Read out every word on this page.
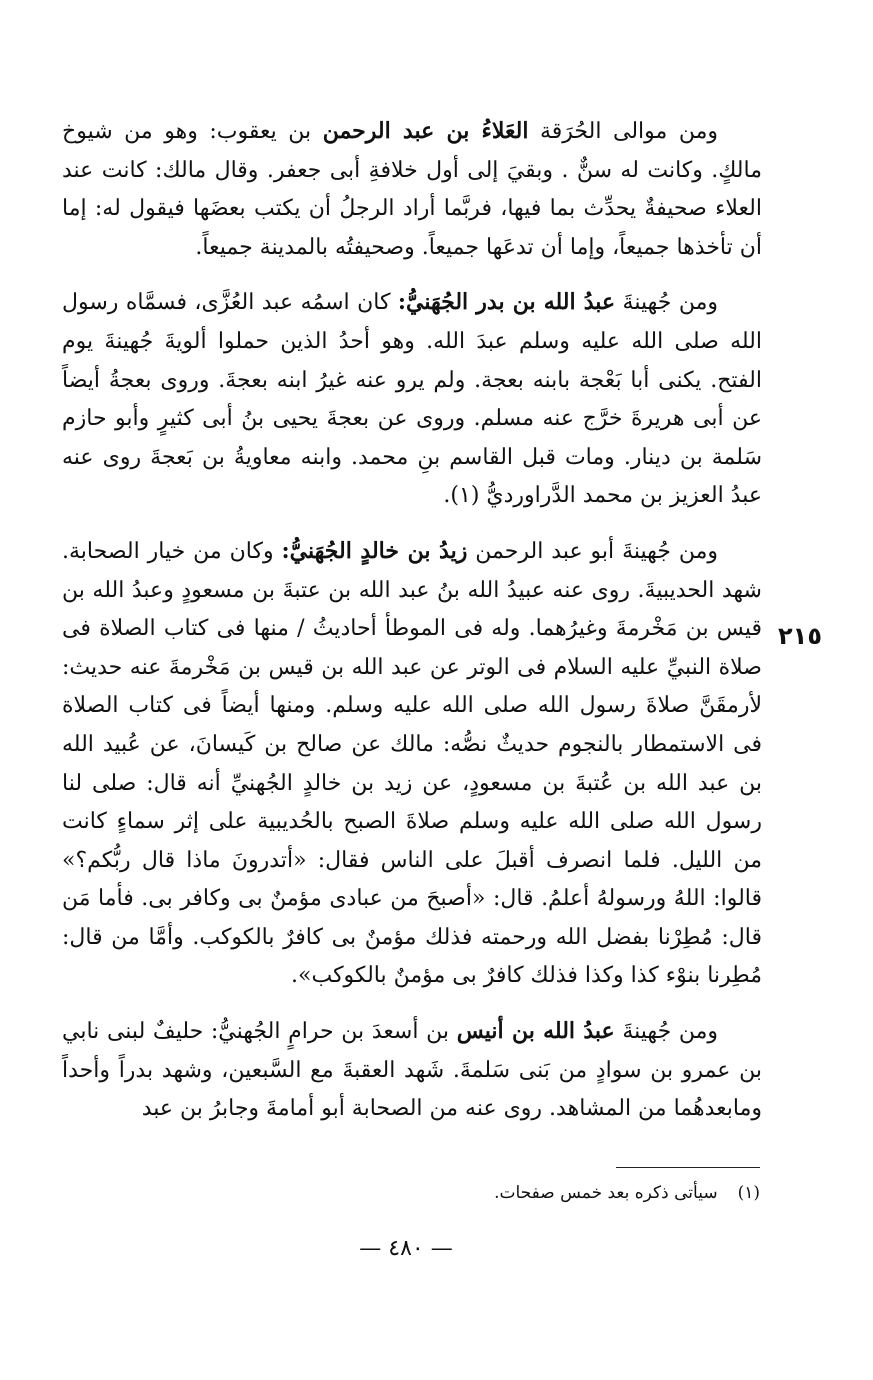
ومن موالى الحُرَقة العَلاءُ بن عبد الرحمن بن يعقوب: وهو من شيوخ مالكٍ. وكانت له سنٌّ . وبقيَ إلى أول خلافةِ أبى جعفر. وقال مالك: كانت عند العلاء صحيفةٌ يحدِّث بما فيها، فربَّما أراد الرجلُ أن يكتب بعضَها فيقول له: إما أن تأخذها جميعاً، وإما أن تدعَها جميعاً. وصحيفتُه بالمدينة جميعاً.

ومن جُهينةَ عبدُ الله بن بدر الجُهَنيُّ: كان اسمُه عبد العُزَّى، فسمَّاه رسول الله صلى الله عليه وسلم عبدَ الله. وهو أحدُ الذين حملوا ألويةَ جُهينةَ يوم الفتح. يكنى أبا بَعْجة بابنه بعجة. ولم يرو عنه غيرُ ابنه بعجةَ. وروى بعجةُ أيضاً عن أبى هريرةَ خرَّج عنه مسلم. وروى عن بعجةَ يحيى بنُ أبى كثيرٍ وأبو حازم سَلمة بن دينار. ومات قبل القاسم بنِ محمد. وابنه معاويةُ بن بَعجةَ روى عنه عبدُ العزيز بن محمد الدَّراورديُّ (١).

ومن جُهينةَ أبو عبد الرحمن زيدُ بن خالدٍ الجُهَنيُّ: وكان من خيار الصحابة. شهد الحديبيةَ. روى عنه عبيدُ الله بنُ عبد الله بن عتبةَ بن مسعودٍ وعبدُ الله بن قيس بن مَخْرمةَ وغيرُهما. وله فى الموطأ أحاديثُ / منها فى كتاب الصلاة فى صلاة النبيِّ عليه السلام فى الوتر عن عبد الله بن قيس بن مَخْرمةَ عنه حديث: لأرمقَنَّ صلاةَ رسول الله صلى الله عليه وسلم. ومنها أيضاً فى كتاب الصلاة فى الاستمطار بالنجوم حديثٌ نصُّه: مالك عن صالح بن كَيسانَ، عن عُبيد الله بن عبد الله بن عُتبةَ بن مسعودٍ، عن زيد بن خالدٍ الجُهنيِّ أنه قال: صلى لنا رسول الله صلى الله عليه وسلم صلاةَ الصبح بالحُديبية على إثر سماءٍ كانت من الليل. فلما انصرف أقبلَ على الناس فقال: «أتدرونَ ماذا قال ربُّكم؟» قالوا: اللهُ ورسولهُ أعلمُ. قال: «أصبحَ من عبادى مؤمنٌ بى وكافر بى. فأما مَن قال: مُطِرْنا بفضل الله ورحمته فذلك مؤمنٌ بى كافرٌ بالكوكب. وأمَّا من قال: مُطِرنا بنوْء كذا وكذا فذلك كافرٌ بى مؤمنٌ بالكوكب».

ومن جُهينةَ عبدُ الله بن أنيس بن أسعدَ بن حرامٍ الجُهنيُّ: حليفٌ لبنى نابي بن عمرو بن سوادٍ من بَنى سَلمةَ. شَهد العقبةَ مع السَّبعين، وشهد بدراً وأحداً ومابعدهُما من المشاهد. روى عنه من الصحابة أبو أمامةَ وجابرُ بن عبد

٢١٥
(١)سيأتى ذكره بعد خمس صفحات.
— ٤٨٠ —
